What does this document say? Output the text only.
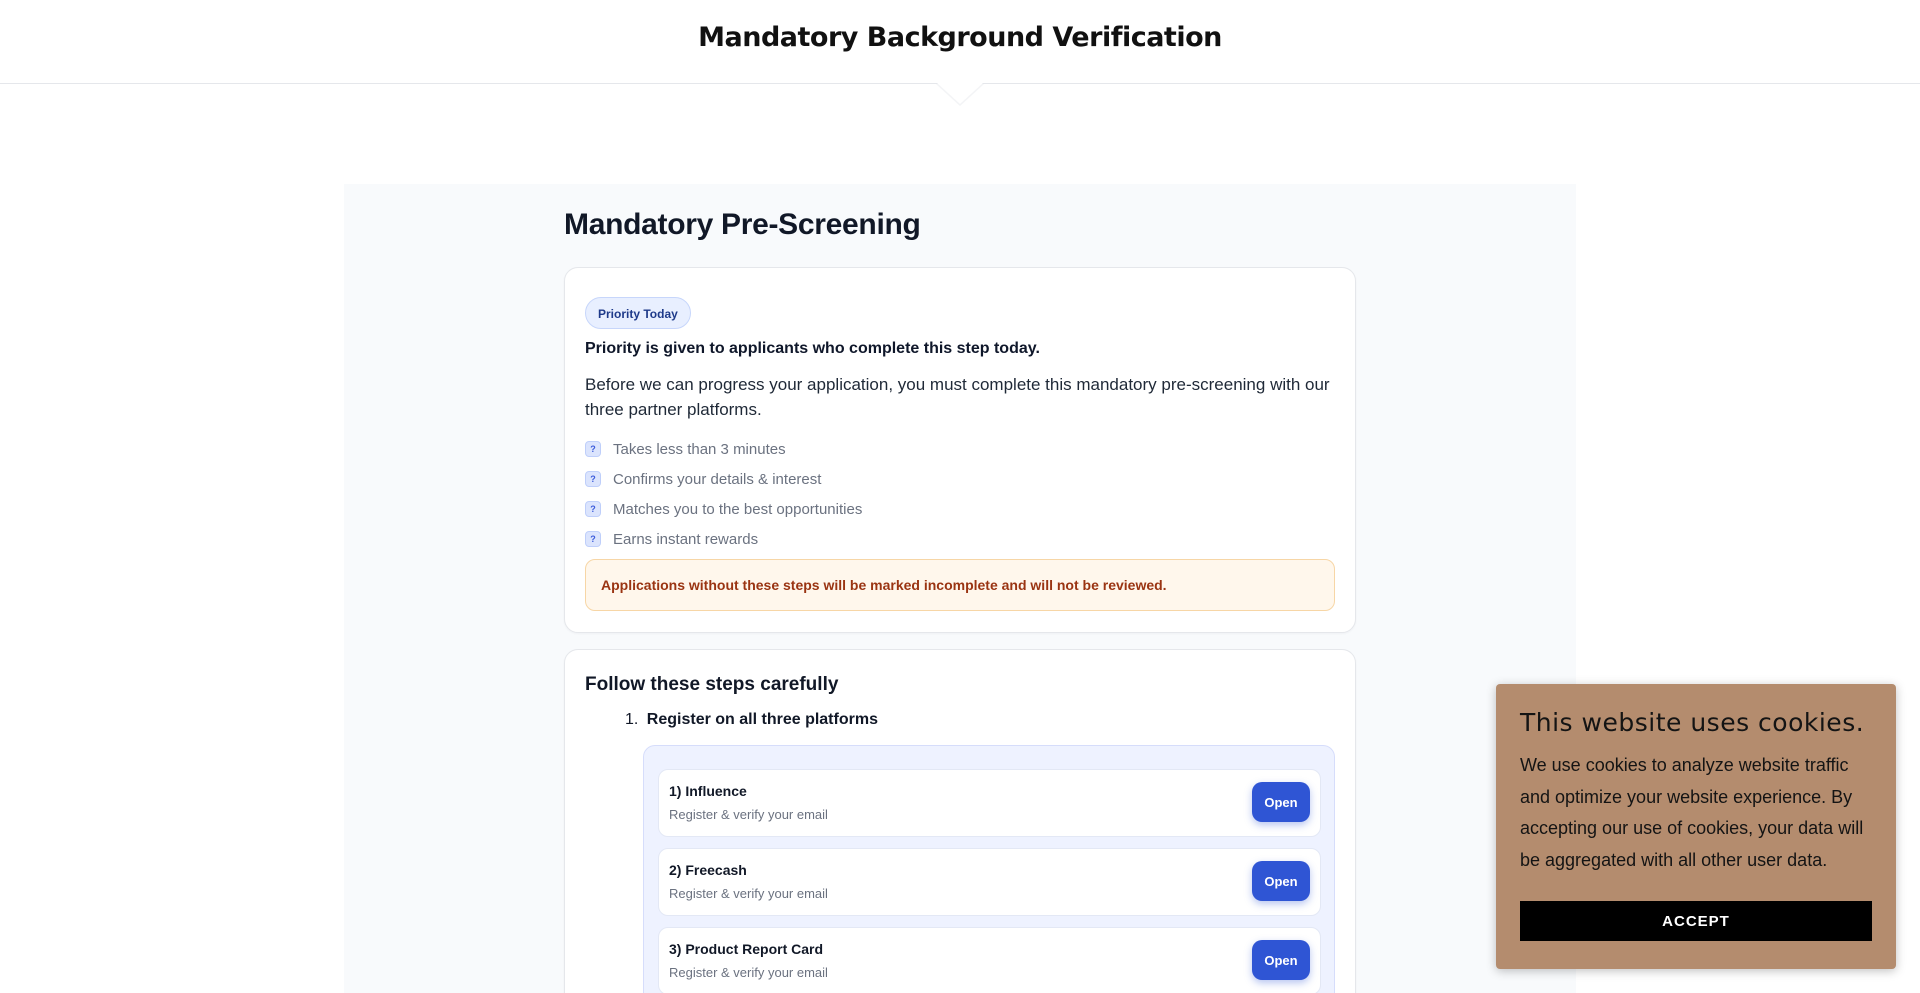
Mandatory Background Verification
Mandatory Pre-Screening
Priority Today

Priority is given to applicants who complete this step today.

Before we can progress your application, you must complete this mandatory pre-screening with our three partner platforms.

?	Takes less than 3 minutes
?	Confirms your details & interest
?	Matches you to the best opportunities
?	Earns instant rewards
Applications without these steps will be marked incomplete and will not be reviewed.
Follow these steps carefully
1. Register on all three platforms
1) Influence
Register & verify your email
Open
2) Freecash
Register & verify your email
Open
3) Product Report Card
Register & verify your email
Open
This website uses cookies.

We use cookies to analyze website traffic and optimize your website experience. By accepting our use of cookies, your data will be aggregated with all other user data.

ACCEPT
